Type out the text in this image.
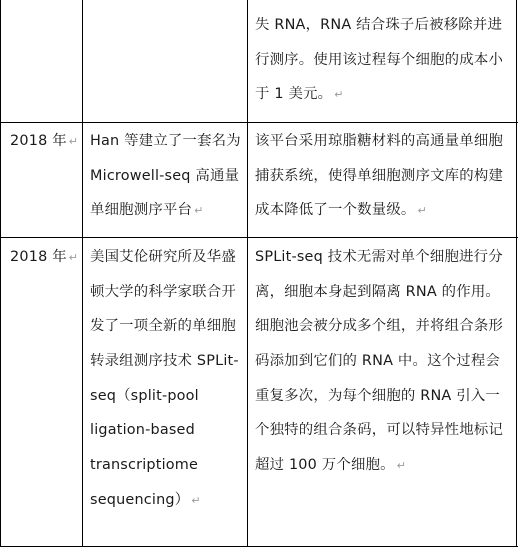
失 RNA，RNA 结合珠子后被移除并进
行测序。使用该过程每个细胞的成本小
于 1 美元。 ↵
2018 年 ↵ Han 等建立了一套名为
Microwell-seq 高通量
单细胞测序平台 ↵
该平台采用琼脂糖材料的高通量单细胞
捕获系统，使得单细胞测序文库的构建
成本降低了一个数量级。 ↵
2018 年 ↵ 美国艾伦研究所及华盛
顿大学的科学家联合开
发了一项全新的单细胞
转录组测序技术 SPLit-
seq（split-pool
ligation-based
transcriptiome
sequencing） ↵
SPLit-seq 技术无需对单个细胞进行分
离，细胞本身起到隔离 RNA 的作用。
细胞池会被分成多个组，并将组合条形
码添加到它们的 RNA 中。这个过程会
重复多次，为每个细胞的 RNA 引入一
个独特的组合条码，可以特异性地标记
超过 100 万个细胞。 ↵
